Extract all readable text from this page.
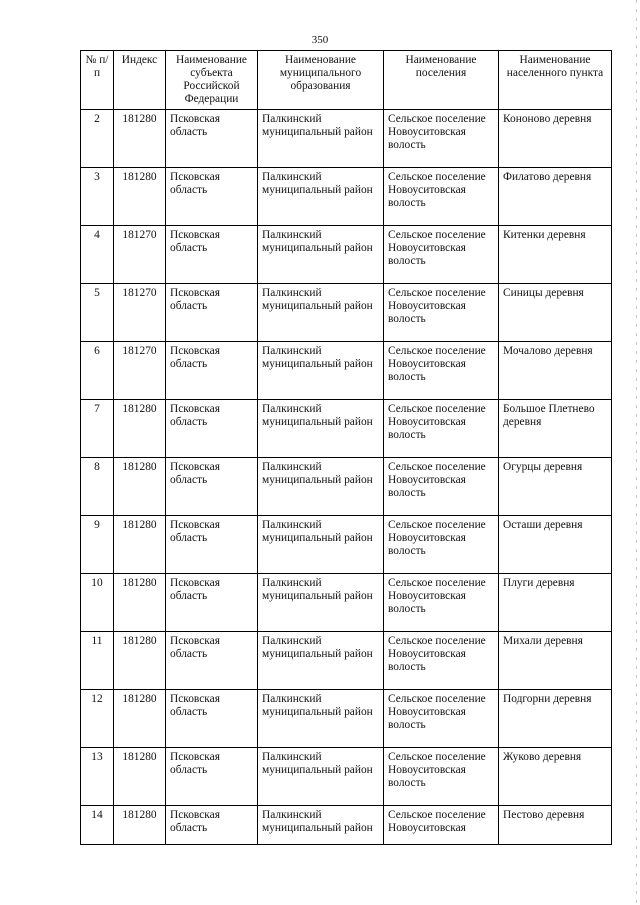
350
№ п/п	Индекс	Наименование субъекта Российской Федерации	Наименование муниципального образования	Наименование поселения	Наименование населенного пункта
2	181280	Псковская область	Палкинский муниципальный район	Сельское поселение Новоуситовская волость	Кононово деревня
3	181280	Псковская область	Палкинский муниципальный район	Сельское поселение Новоуситовская волость	Филатово деревня
4	181270	Псковская область	Палкинский муниципальный район	Сельское поселение Новоуситовская волость	Китенки деревня
5	181270	Псковская область	Палкинский муниципальный район	Сельское поселение Новоуситовская волость	Синицы деревня
6	181270	Псковская область	Палкинский муниципальный район	Сельское поселение Новоуситовская волость	Мочалово деревня
7	181280	Псковская область	Палкинский муниципальный район	Сельское поселение Новоуситовская волость	Большое Плетнево деревня
8	181280	Псковская область	Палкинский муниципальный район	Сельское поселение Новоуситовская волость	Огурцы деревня
9	181280	Псковская область	Палкинский муниципальный район	Сельское поселение Новоуситовская волость	Осташи деревня
10	181280	Псковская область	Палкинский муниципальный район	Сельское поселение Новоуситовская волость	Плуги деревня
11	181280	Псковская область	Палкинский муниципальный район	Сельское поселение Новоуситовская волость	Михали деревня
12	181280	Псковская область	Палкинский муниципальный район	Сельское поселение Новоуситовская волость	Подгорни деревня
13	181280	Псковская область	Палкинский муниципальный район	Сельское поселение Новоуситовская волость	Жуково деревня
14	181280	Псковская область	Палкинский муниципальный район	Сельское поселение Новоуситовская	Пестово деревня
